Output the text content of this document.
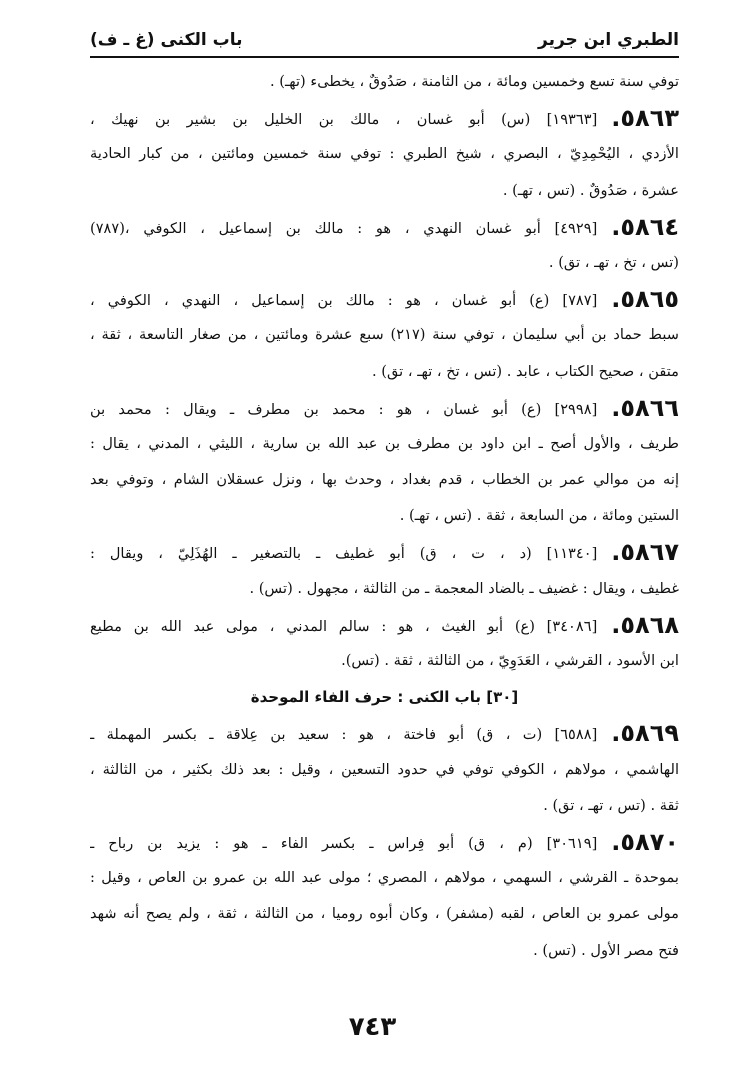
الطبري ابن جرير
باب الكنى (غ ـ ف)
توفي سنة تسع وخمسين ومائة ، من الثامنة ، صَدُوقٌ ، يخطىء (تهـ) .
٥٨٦٣.[١٩٣٦٣] (س) أبو غسان ، مالك بن الخليل بن بشير بن نهيك ،
الأزدي ، اليُحْمِدِيّ ، البصري ، شيخ الطبري : توفي سنة خمسين ومائتين ، من كبار الحادية
عشرة ، صَدُوقٌ . (تس ، تهـ) .
٥٨٦٤.[٤٩٢٩] أبو غسان النهدي ، هو : مالك بن إسماعيل ، الكوفي ،(٧٨٧)
(تس ، تخ ، تهـ ، تق) .
٥٨٦٥.[٧٨٧] (ع) أبو غسان ، هو : مالك بن إسماعيل ، النهدي ، الكوفي ،
سبط حماد بن أبي سليمان ، توفي سنة (٢١٧) سبع عشرة ومائتين ، من صغار التاسعة ، ثقة ،
متقن ، صحيح الكتاب ، عابد . (تس ، تخ ، تهـ ، تق) .
٥٨٦٦.[٢٩٩٨] (ع) أبو غسان ، هو : محمد بن مطرف ـ ويقال : محمد بن
طريف ، والأول أصح ـ ابن داود بن مطرف بن عبد الله بن سارية ، الليثي ، المدني ، يقال :
إنه من موالي عمر بن الخطاب ، قدم بغداد ، وحدث بها ، ونزل عسقلان الشام ، وتوفي بعد
الستين ومائة ، من السابعة ، ثقة . (تس ، تهـ) .
٥٨٦٧.[١١٣٤٠] (د ، ت ، ق) أبو غطيف ـ بالتصغير ـ الهُذَلِيّ ، ويقال :
غطيف ، ويقال : غضيف ـ بالضاد المعجمة ـ من الثالثة ، مجهول . (تس) .
٥٨٦٨.[٣٤٠٨٦] (ع) أبو الغيث ، هو : سالم المدني ، مولى عبد الله بن مطيع
ابن الأسود ، القرشي ، العَدَوِيّ ، من الثالثة ، ثقة . (تس).
[٣٠] باب الكنى : حرف الفاء الموحدة
٥٨٦٩.[٦٥٨٨] (ت ، ق) أبو فاختة ، هو : سعيد بن عِلاقة ـ بكسر المهملة ـ
الهاشمي ، مولاهم ، الكوفي توفي في حدود التسعين ، وقيل : بعد ذلك بكثير ، من الثالثة ،
ثقة . (تس ، تهـ ، تق) .
٥٨٧٠.[٣٠٦١٩] (م ، ق) أبو فِراس ـ بكسر الفاء ـ هو : يزيد بن رباح ـ
بموحدة ـ القرشي ، السهمي ، مولاهم ، المصري ؛ مولى عبد الله بن عمرو بن العاص ، وقيل :
مولى عمرو بن العاص ، لقبه (مشفر) ، وكان أبوه روميا ، من الثالثة ، ثقة ، ولم يصح أنه شهد
فتح مصر الأول . (تس) .
٧٤٣
